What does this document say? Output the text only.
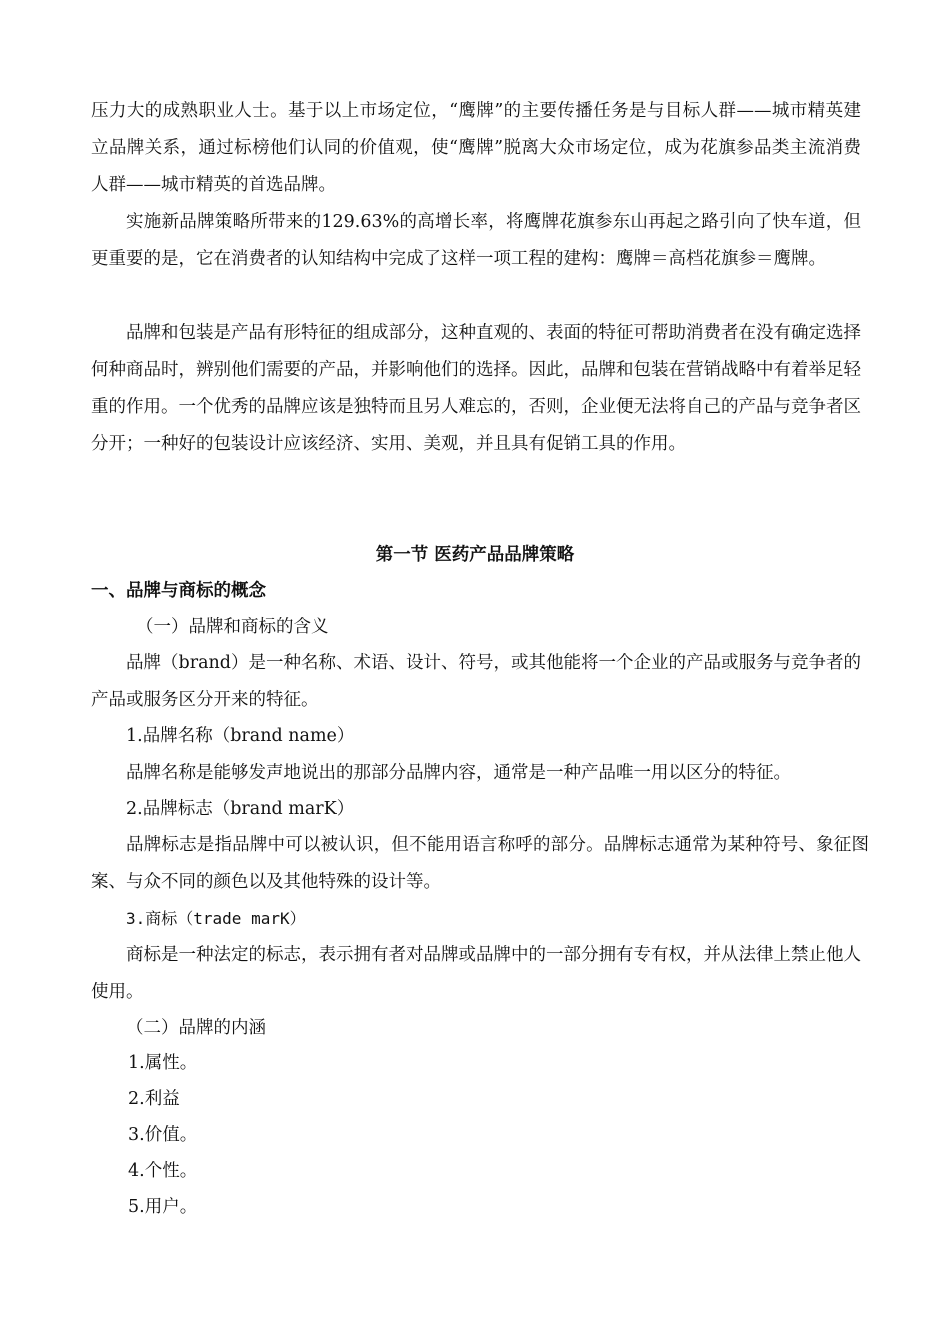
压力大的成熟职业人士。基于以上市场定位，“鹰牌”的主要传播任务是与目标人群——城市精英建立品牌关系，通过标榜他们认同的价值观，使“鹰牌”脱离大众市场定位，成为花旗参品类主流消费人群——城市精英的首选品牌。

实施新品牌策略所带来的129.63%的高增长率，将鹰牌花旗参东山再起之路引向了快车道，但更重要的是，它在消费者的认知结构中完成了这样一项工程的建构：鹰牌＝高档花旗参＝鹰牌。

品牌和包装是产品有形特征的组成部分，这种直观的、表面的特征可帮助消费者在没有确定选择何种商品时，辨别他们需要的产品，并影响他们的选择。因此，品牌和包装在营销战略中有着举足轻重的作用。一个优秀的品牌应该是独特而且另人难忘的，否则，企业便无法将自己的产品与竞争者区分开；一种好的包装设计应该经济、实用、美观，并且具有促销工具的作用。

第一节 医药产品品牌策略
一、品牌与商标的概念
（一）品牌和商标的含义

品牌（brand）是一种名称、术语、设计、符号，或其他能将一个企业的产品或服务与竞争者的产品或服务区分开来的特征。

1.品牌名称（brand name）
品牌名称是能够发声地说出的那部分品牌内容，通常是一种产品唯一用以区分的特征。
2.品牌标志（brand marK）

品牌标志是指品牌中可以被认识，但不能用语言称呼的部分。品牌标志通常为某种符号、象征图案、与众不同的颜色以及其他特殊的设计等。

3.商标（trade marK）

商标是一种法定的标志，表示拥有者对品牌或品牌中的一部分拥有专有权，并从法律上禁止他人使用。

（二）品牌的内涵
1.属性。
2.利益
3.价值。
4.个性。
5.用户。
